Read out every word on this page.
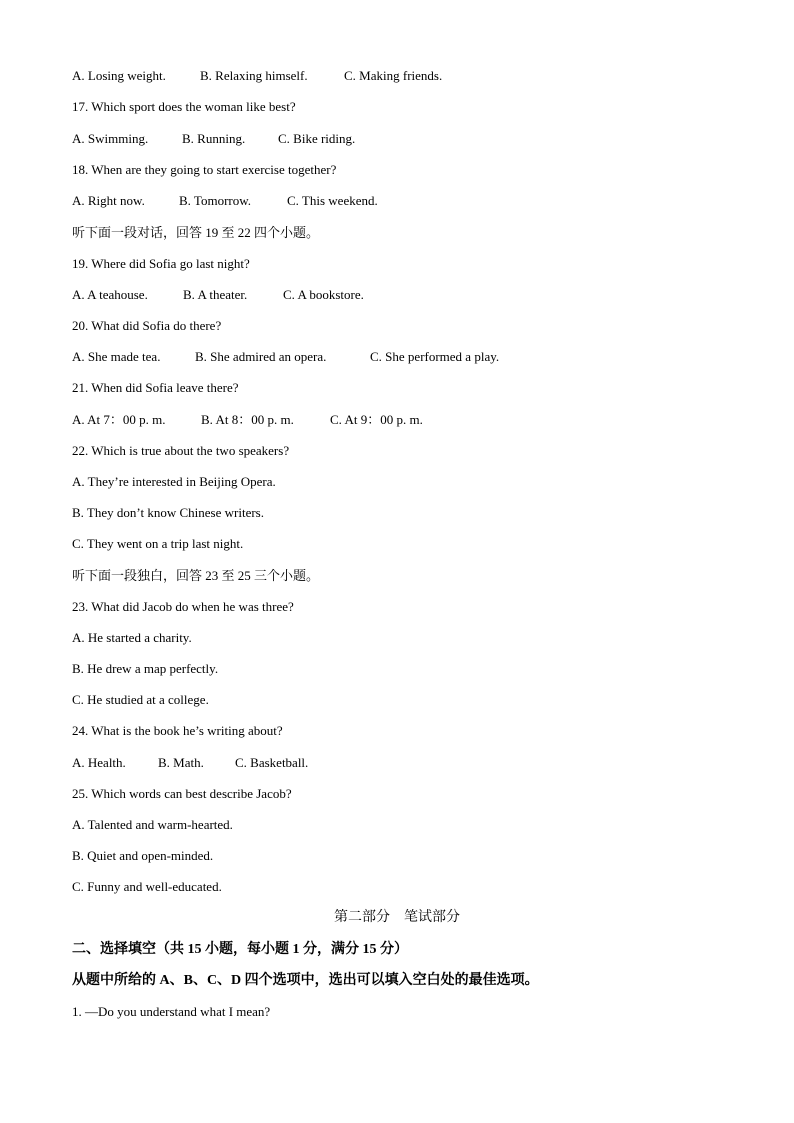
A. Losing weight.	B. Relaxing himself.	C. Making friends.
17. Which sport does the woman like best?
A. Swimming.	B. Running.	C. Bike riding.
18. When are they going to start exercise together?
A. Right now.	B. Tomorrow.	C. This weekend.
听下面一段对话，回答 19 至 22 四个小题。
19. Where did Sofia go last night?
A. A teahouse.	B. A theater.	C. A bookstore.
20. What did Sofia do there?
A. She made tea.	B. She admired an opera.	C. She performed a play.
21. When did Sofia leave there?
A. At 7：00 p. m.	B. At 8：00 p. m.	C. At 9：00 p. m.
22. Which is true about the two speakers?
A. They’re interested in Beijing Opera.
B. They don’t know Chinese writers.
C. They went on a trip last night.
听下面一段独白，回答 23 至 25 三个小题。
23. What did Jacob do when he was three?
A. He started a charity.
B. He drew a map perfectly.
C. He studied at a college.
24. What is the book he’s writing about?
A. Health. B. Math. C. Basketball.
25. Which words can best describe Jacob?
A. Talented and warm-hearted.
B. Quiet and open-minded.
C. Funny and well-educated.
第二部分　笔试部分
二、选择填空（共 15 小题，每小题 1 分，满分 15 分）
从题中所给的 A、B、C、D 四个选项中，选出可以填入空白处的最佳选项。
1. —Do you understand what I mean?
